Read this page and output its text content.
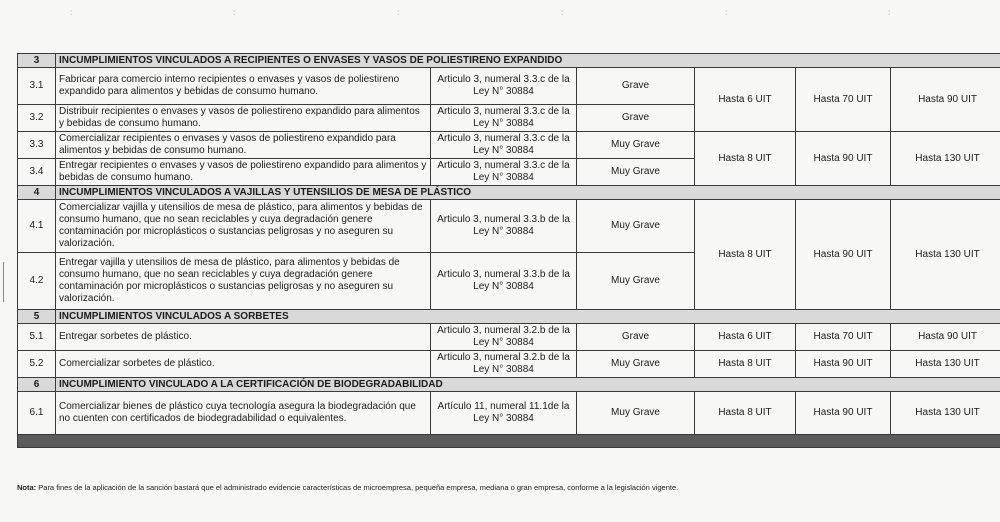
:	:	:	:	:	:
3	INCUMPLIMIENTOS VINCULADOS A RECIPIENTES O ENVASES Y VASOS DE POLIESTIRENO EXPANDIDO					
3.1	Fabricar para comercio interno recipientes o envases y vasos de poliestireno expandido para alimentos y bebidas de consumo humano.	Articulo 3, numeral 3.3.c de la Ley N° 30884	Grave	Hasta 6 UIT	Hasta 70 UIT	Hasta 90 UIT
3.2	Distribuir recipientes o envases y vasos de poliestireno expandido para alimentos y bebidas de consumo humano.	Articulo 3, numeral 3.3.c de la Ley N° 30884	Grave			
3.3	Comercializar recipientes o envases y vasos de poliestireno expandido para alimentos y bebidas de consumo humano.	Articulo 3, numeral 3.3.c de la Ley N° 30884	Muy Grave	Hasta 8 UIT	Hasta 90 UIT	Hasta 130 UIT
3.4	Entregar recipientes o envases y vasos de poliestireno expandido para alimentos y bebidas de consumo humano.	Articulo 3, numeral 3.3.c de la Ley N° 30884	Muy Grave			
4	INCUMPLIMIENTOS VINCULADOS A VAJILLAS Y UTENSILIOS DE MESA DE PLÁSTICO					
4.1	Comercializar vajilla y utensilios de mesa de plástico, para alimentos y bebidas de consumo humano, que no sean reciclables y cuya degradación genere contaminación por microplásticos o sustancias peligrosas y no aseguren su valorización.	Articulo 3, numeral 3.3.b de la Ley N° 30884	Muy Grave	Hasta 8 UIT	Hasta 90 UIT	Hasta 130 UIT
4.2	Entregar vajilla y utensilios de mesa de plástico, para alimentos y bebidas de consumo humano, que no sean reciclables y cuya degradación genere contaminación por microplásticos o sustancias peligrosas y no aseguren su valorización.	Articulo 3, numeral 3.3.b de la Ley N° 30884	Muy Grave			
5	INCUMPLIMIENTOS VINCULADOS A SORBETES					
5.1	Entregar sorbetes de plástico.	Articulo 3, numeral 3.2.b de la Ley N° 30884	Grave	Hasta 6 UIT	Hasta 70 UIT	Hasta 90 UIT
5.2	Comercializar sorbetes de plástico.	Articulo 3, numeral 3.2.b de la Ley N° 30884	Muy Grave	Hasta 8 UIT	Hasta 90 UIT	Hasta 130 UIT
6	INCUMPLIMIENTO VINCULADO A LA CERTIFICACIÓN DE BIODEGRADABILIDAD					
6.1	Comercializar bienes de plástico cuya tecnología asegura la biodegradación que no cuenten con certificados de biodegradabilidad o equivalentes.	Artículo 11, numeral 11.1de la Ley N° 30884	Muy Grave	Hasta 8 UIT	Hasta 90 UIT	Hasta 130 UIT

Nota: Para fines de la aplicación de la sanción bastará que el administrado evidencie características de microempresa, pequeña empresa, mediana o gran empresa, conforme a la legislación vigente.
